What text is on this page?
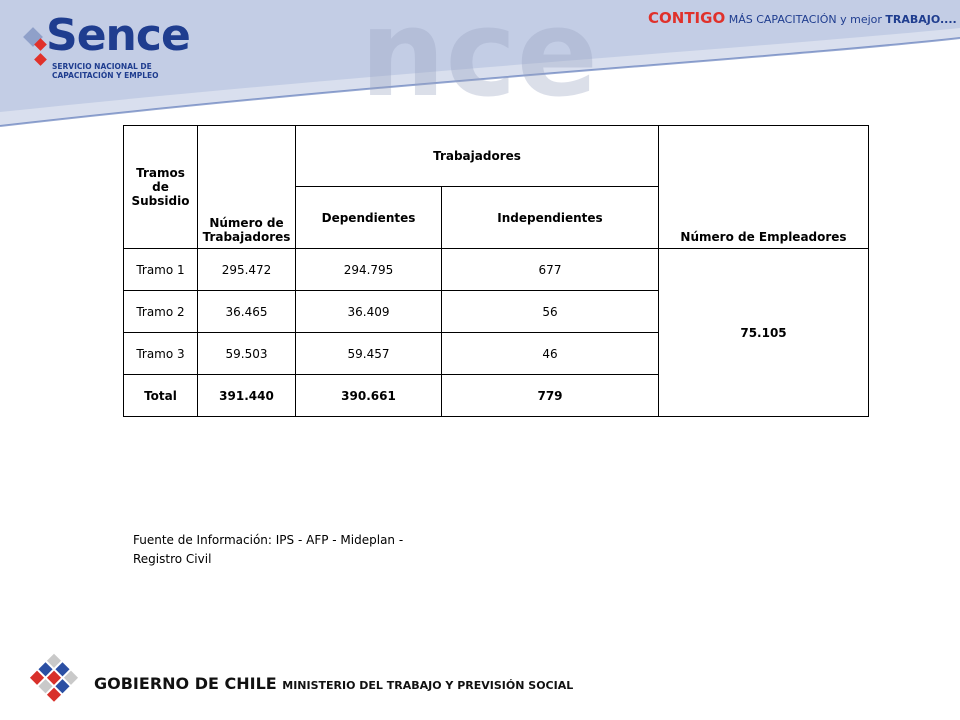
nce
Sence
SERVICIO NACIONAL DE CAPACITACIÓN Y EMPLEO
CONTIGO MÁS CAPACITACIÓN y mejor TRABAJO....
Tramos de Subsidio	Número de Trabajadores	Trabajadores		Número de Empleadores
		Dependientes	Independientes	
Tramo 1	295.472	294.795	677	75.105
Tramo 2	36.465	36.409	56	
Tramo 3	59.503	59.457	46	
Total	391.440	390.661	779	
Fuente de Información: IPS - AFP - Mideplan - Registro Civil
GOBIERNO DE CHILE MINISTERIO DEL TRABAJO Y PREVISIÓN SOCIAL
